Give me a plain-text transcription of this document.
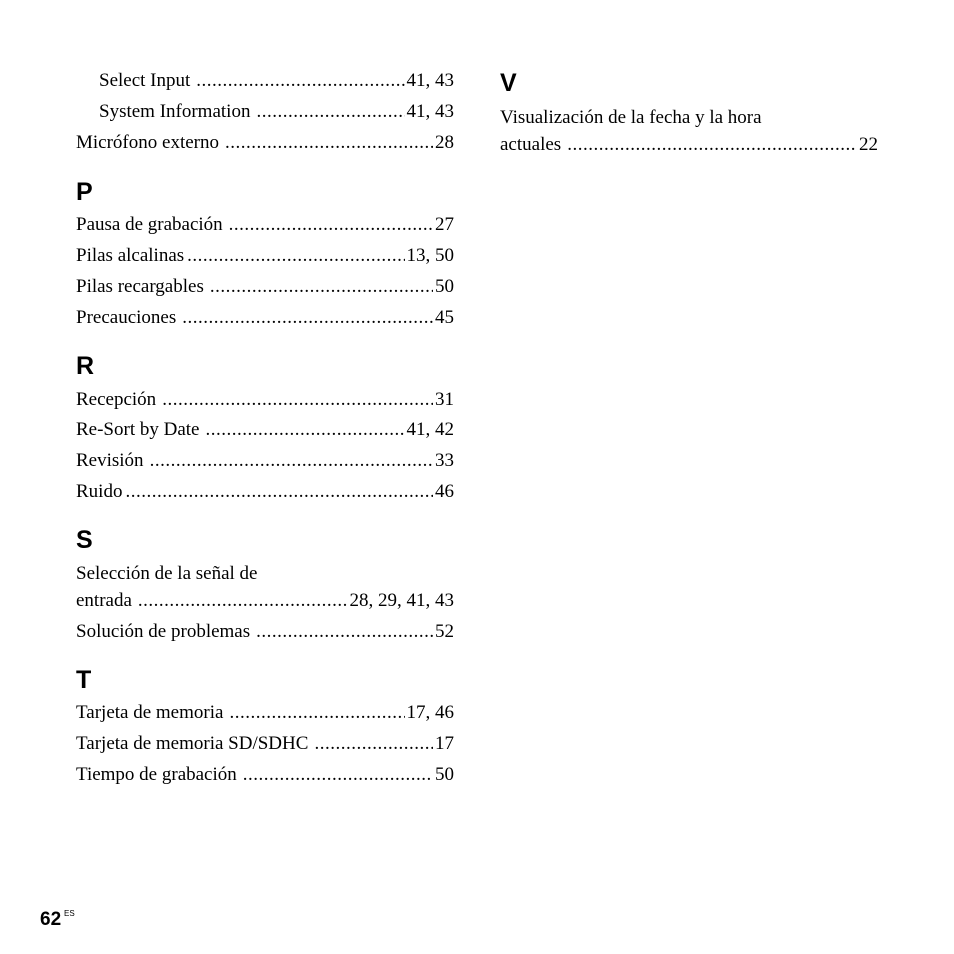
Select Input .....	41, 43
System Information .....	41, 43
Micrófono externo .....	28
P
Pausa de grabación .....	27
Pilas alcalinas .....	13, 50
Pilas recargables .....	50
Precauciones .....	45
R
Recepción .....	31
Re-Sort by Date .....	41, 42
Revisión .....	33
Ruido .....	46
S
Selección de la señal de
entrada .....	28, 29, 41, 43
Solución de problemas .....	52
T
Tarjeta de memoria .....	17, 46
Tarjeta de memoria SD/SDHC .....	17
Tiempo de grabación .....	50
V
Visualización de la fecha y la hora
actuales .....	22
62 ES
